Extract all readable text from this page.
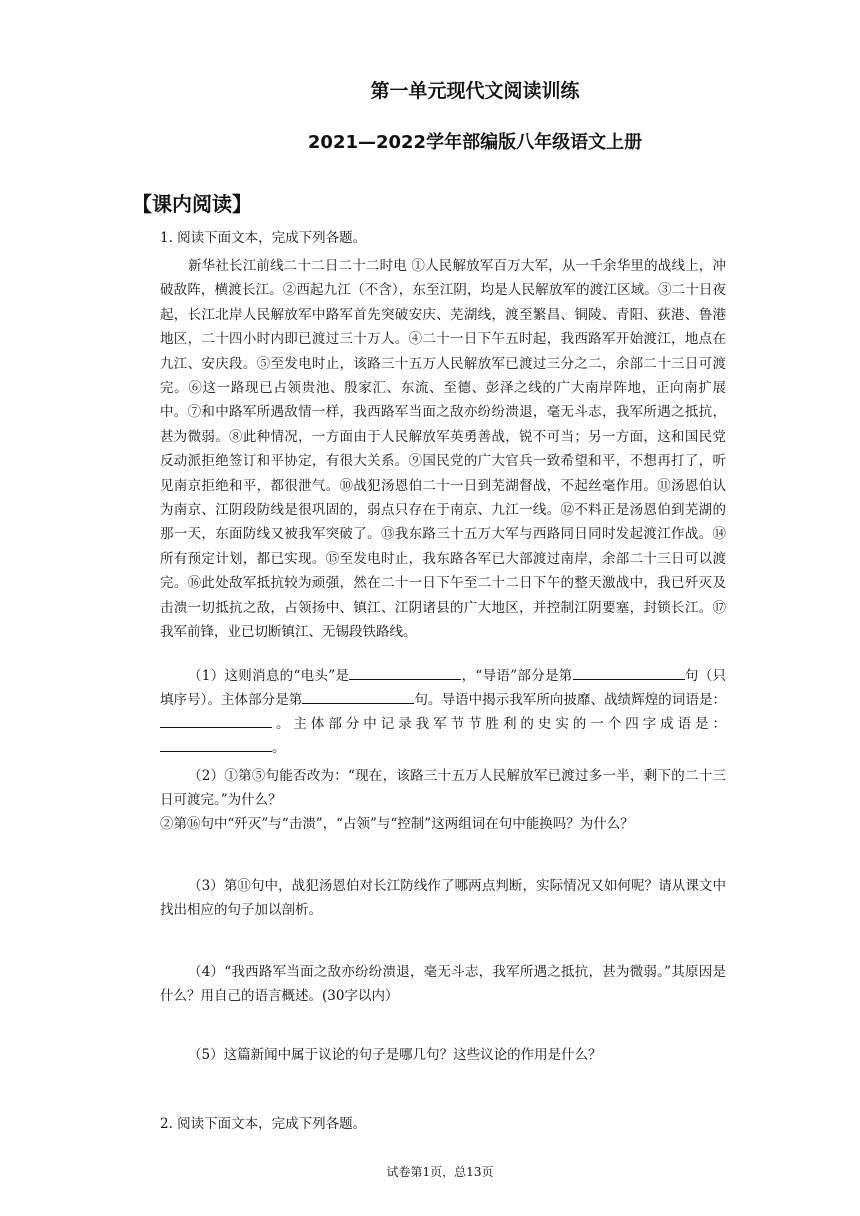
第一单元现代文阅读训练
2021—2022学年部编版八年级语文上册
【课内阅读】
1. 阅读下面文本，完成下列各题。

新华社长江前线二十二日二十二时电 ①人民解放军百万大军，从一千余华里的战线上，冲破敌阵，横渡长江。②西起九江（不含），东至江阴，均是人民解放军的渡江区域。③二十日夜起，长江北岸人民解放军中路军首先突破安庆、芜湖线，渡至繁昌、铜陵、青阳、荻港、鲁港地区，二十四小时内即已渡过三十万人。④二十一日下午五时起，我西路军开始渡江，地点在九江、安庆段。⑤至发电时止，该路三十五万人民解放军已渡过三分之二，余部二十三日可渡完。⑥这一路现已占领贵池、殷家汇、东流、至德、彭泽之线的广大南岸阵地，正向南扩展中。⑦和中路军所遇敌情一样，我西路军当面之敌亦纷纷溃退，毫无斗志，我军所遇之抵抗，甚为微弱。⑧此种情况，一方面由于人民解放军英勇善战，锐不可当；另一方面，这和国民党反动派拒绝签订和平协定，有很大关系。⑨国民党的广大官兵一致希望和平，不想再打了，听见南京拒绝和平，都很泄气。⑩战犯汤恩伯二十一日到芜湖督战，不起丝毫作用。⑪汤恩伯认为南京、江阴段防线是很巩固的，弱点只存在于南京、九江一线。⑫不料正是汤恩伯到芜湖的那一天，东面防线又被我军突破了。⑬我东路三十五万大军与西路同日同时发起渡江作战。⑭所有预定计划，都已实现。⑮至发电时止，我东路各军已大部渡过南岸，余部二十三日可以渡完。⑯此处敌军抵抗较为顽强，然在二十一日下午至二十二日下午的整天激战中，我已歼灭及击溃一切抵抗之敌，占领扬中、镇江、江阴诸县的广大地区，并控制江阴要塞，封锁长江。⑰我军前锋，业已切断镇江、无锡段铁路线。

（1）这则消息的“电头”是	，“导语”部分是第	句（只填序号）。主体部分是第	句。导语中揭示我军所向披靡、战绩辉煌的词语是：。主体部分中记录我军节节胜利的史实的一个四字成语是：。

（2）①第⑤句能否改为：“现在，该路三十五万人民解放军已渡过多一半，剩下的二十三日可渡完。”为什么？

②第⑯句中“歼灭”与“击溃”，“占领”与“控制”这两组词在句中能换吗？为什么？

（3）第⑪句中，战犯汤恩伯对长江防线作了哪两点判断，实际情况又如何呢？请从课文中找出相应的句子加以剖析。

（4）“我西路军当面之敌亦纷纷溃退，毫无斗志，我军所遇之抵抗，甚为微弱。”其原因是什么？用自己的语言概述。(30字以内）

（5）这篇新闻中属于议论的句子是哪几句？这些议论的作用是什么？

2. 阅读下面文本，完成下列各题。
试卷第1页，总13页
